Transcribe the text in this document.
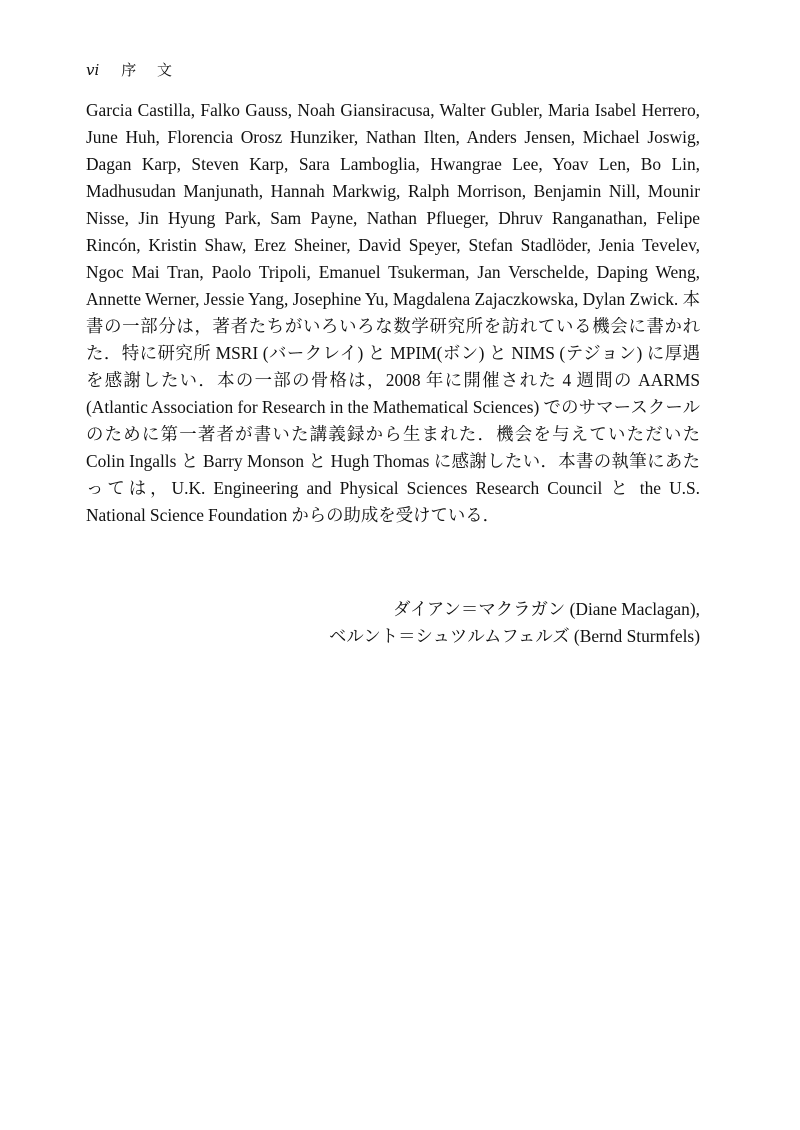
vi 序 文

Garcia Castilla, Falko Gauss, Noah Giansiracusa, Walter Gubler, Maria Isabel Herrero, June Huh, Florencia Orosz Hunziker, Nathan Ilten, Anders Jensen, Michael Joswig, Dagan Karp, Steven Karp, Sara Lamboglia, Hwangrae Lee, Yoav Len, Bo Lin, Madhusudan Manjunath, Hannah Markwig, Ralph Morrison, Benjamin Nill, Mounir Nisse, Jin Hyung Park, Sam Payne, Nathan Pflueger, Dhruv Ranganathan, Felipe Rincón, Kristin Shaw, Erez Sheiner, David Speyer, Stefan Stadlöder, Jenia Tevelev, Ngoc Mai Tran, Paolo Tripoli, Emanuel Tsukerman, Jan Verschelde, Daping Weng, Annette Werner, Jessie Yang, Josephine Yu, Magdalena Zajaczkowska, Dylan Zwick. 本書の一部分は，著者たちがいろいろな数学研究所を訪れている機会に書かれた．特に研究所 MSRI (バークレイ) と MPIM(ボン) と NIMS (テジョン) に厚遇を感謝したい．本の一部の骨格は，2008 年に開催された 4 週間の AARMS (Atlantic Association for Research in the Mathematical Sciences) でのサマースクールのために第一著者が書いた講義録から生まれた．機会を与えていただいた Colin Ingalls と Barry Monson と Hugh Thomas に感謝したい．本書の執筆にあたっては，U.K. Engineering and Physical Sciences Research Council と the U.S. National Science Foundation からの助成を受けている．

ダイアン＝マクラガン (Diane Maclagan),
ベルント＝シュツルムフェルズ (Bernd Sturmfels)
